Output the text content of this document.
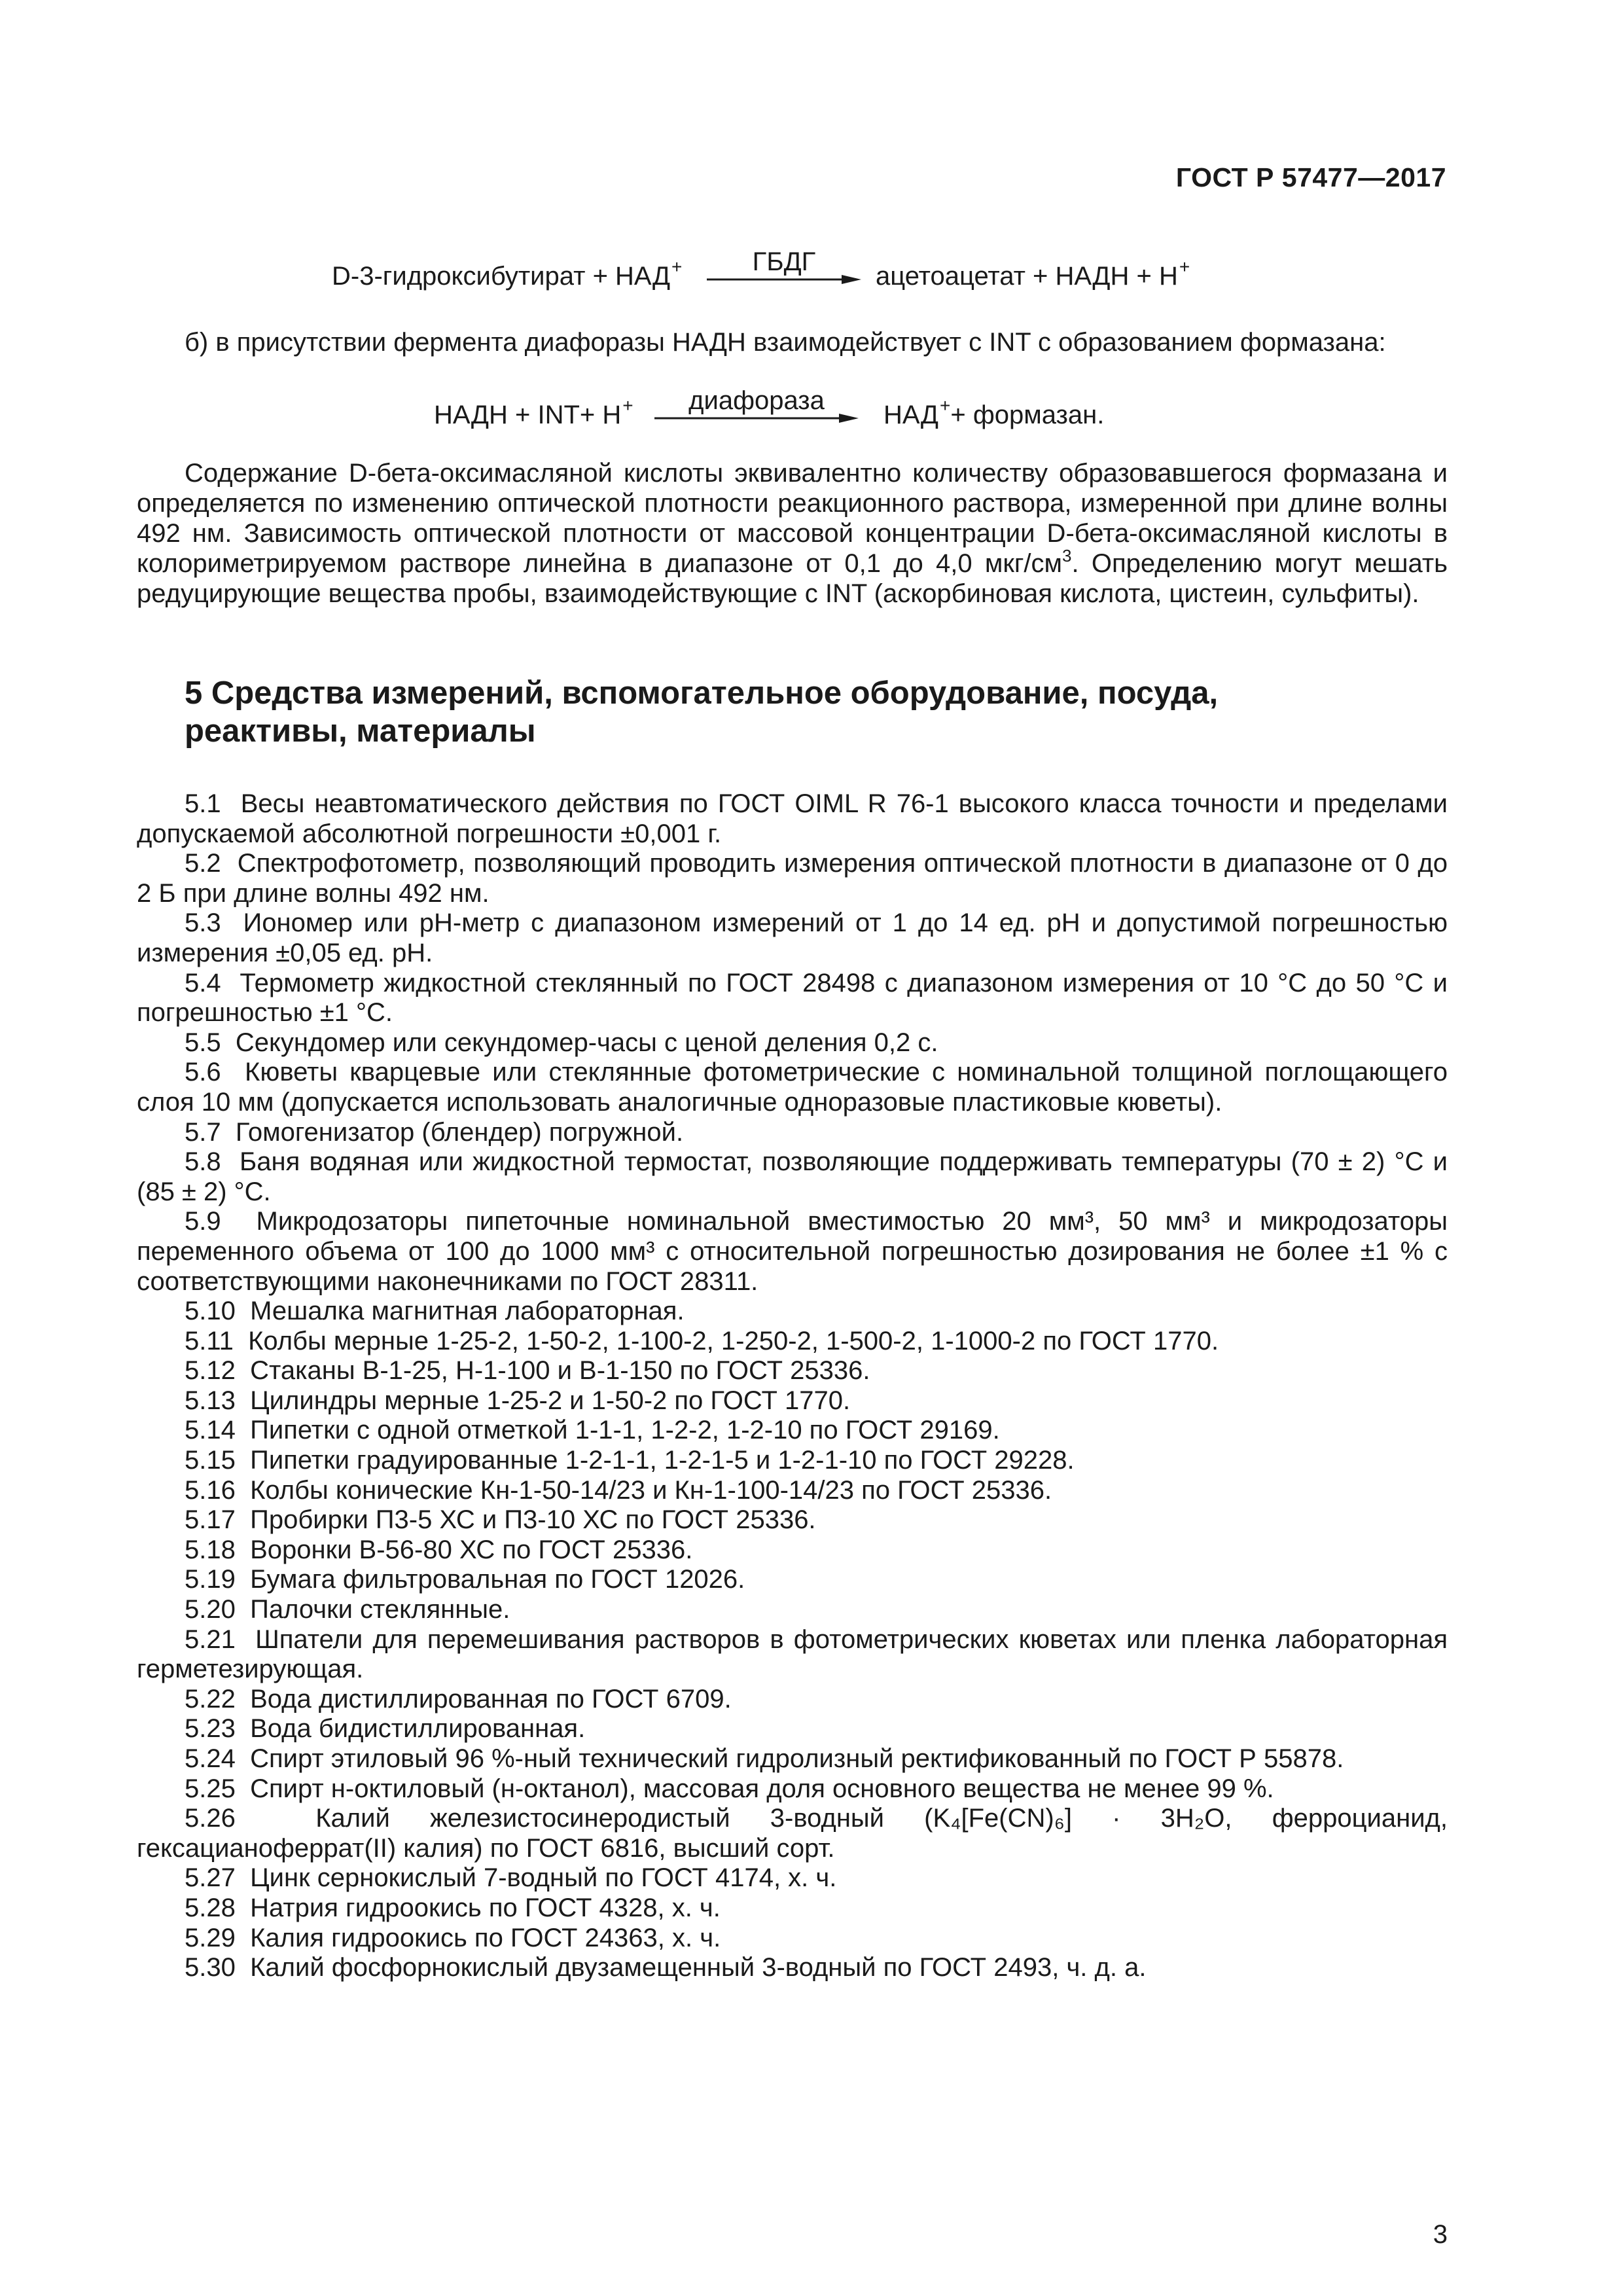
ГОСТ Р 57477—2017
D-3-гидроксибутират + НАД+	ГБДГ	ацетоацетат + НАДН + Н+

б) в присутствии фермента диафоразы НАДН взаимодействует с INT с образованием формазана:

НАДН + INT+ Н+	диафораза	НАД++ формазан.

Содержание D-бета-оксимасляной кислоты эквивалентно количеству образовавшегося формазана и определяется по изменению оптической плотности реакционного раствора, измеренной при длине волны 492 нм. Зависимость оптической плотности от массовой концентрации D-бета-оксимасляной кислоты в колориметрируемом растворе линейна в диапазоне от 0,1 до 4,0 мкг/$см^3$. Определению могут мешать редуцирующие вещества пробы, взаимодействующие с INT (аскорбиновая кислота, цистеин, сульфиты).

5 Средства измерений, вспомогательное оборудование, посуда, реактивы, материалы

5.1 Весы неавтоматического действия по ГОСТ OIML R 76-1 высокого класса точности и пределами допускаемой абсолютной погрешности ±0,001 г.

5.2 Спектрофотометр, позволяющий проводить измерения оптической плотности в диапазоне от 0 до 2 Б при длине волны 492 нм.

5.3 Иономер или рН-метр с диапазоном измерений от 1 до 14 ед. рН и допустимой погрешностью измерения ±0,05 ед. рН.

5.4 Термометр жидкостной стеклянный по ГОСТ 28498 с диапазоном измерения от 10 °С до 50 °С и погрешностью ±1 °С.

5.5 Секундомер или секундомер-часы с ценой деления 0,2 с.

5.6 Кюветы кварцевые или стеклянные фотометрические с номинальной толщиной поглощающего слоя 10 мм (допускается использовать аналогичные одноразовые пластиковые кюветы).

5.7 Гомогенизатор (блендер) погружной.

5.8 Баня водяная или жидкостной термостат, позволяющие поддерживать температуры (70 ± 2) °С и (85 ± 2) °С.

5.9 Микродозаторы пипеточные номинальной вместимостью 20 мм³, 50 мм³ и микродозаторы переменного объема от 100 до 1000 мм³ с относительной погрешностью дозирования не более ±1 % с соответствующими наконечниками по ГОСТ 28311.

5.10 Мешалка магнитная лабораторная.

5.11 Колбы мерные 1-25-2, 1-50-2, 1-100-2, 1-250-2, 1-500-2, 1-1000-2 по ГОСТ 1770.

5.12 Стаканы В-1-25, Н-1-100 и В-1-150 по ГОСТ 25336.

5.13 Цилиндры мерные 1-25-2 и 1-50-2 по ГОСТ 1770.

5.14 Пипетки с одной отметкой 1-1-1, 1-2-2, 1-2-10 по ГОСТ 29169.

5.15 Пипетки градуированные 1-2-1-1, 1-2-1-5 и 1-2-1-10 по ГОСТ 29228.

5.16 Колбы конические Кн-1-50-14/23 и Кн-1-100-14/23 по ГОСТ 25336.

5.17 Пробирки П3-5 ХС и П3-10 ХС по ГОСТ 25336.

5.18 Воронки В-56-80 ХС по ГОСТ 25336.

5.19 Бумага фильтровальная по ГОСТ 12026.

5.20 Палочки стеклянные.

5.21 Шпатели для перемешивания растворов в фотометрических кюветах или пленка лабораторная герметезирующая.

5.22 Вода дистиллированная по ГОСТ 6709.

5.23 Вода бидистиллированная.

5.24 Спирт этиловый 96 %-ный технический гидролизный ректификованный по ГОСТ Р 55878.

5.25 Спирт н-октиловый (н-октанол), массовая доля основного вещества не менее 99 %.

5.26	Калий железистосинеродистый 3-водный (K₄[Fe(CN)₆] · 3H₂O, ферроцианид, гексацианоферрат(II) калия) по ГОСТ 6816, высший сорт.

5.27 Цинк сернокислый 7-водный по ГОСТ 4174, х. ч.

5.28 Натрия гидроокись по ГОСТ 4328, х. ч.

5.29 Калия гидроокись по ГОСТ 24363, х. ч.

5.30 Калий фосфорнокислый двузамещенный 3-водный по ГОСТ 2493, ч. д. а.

3
